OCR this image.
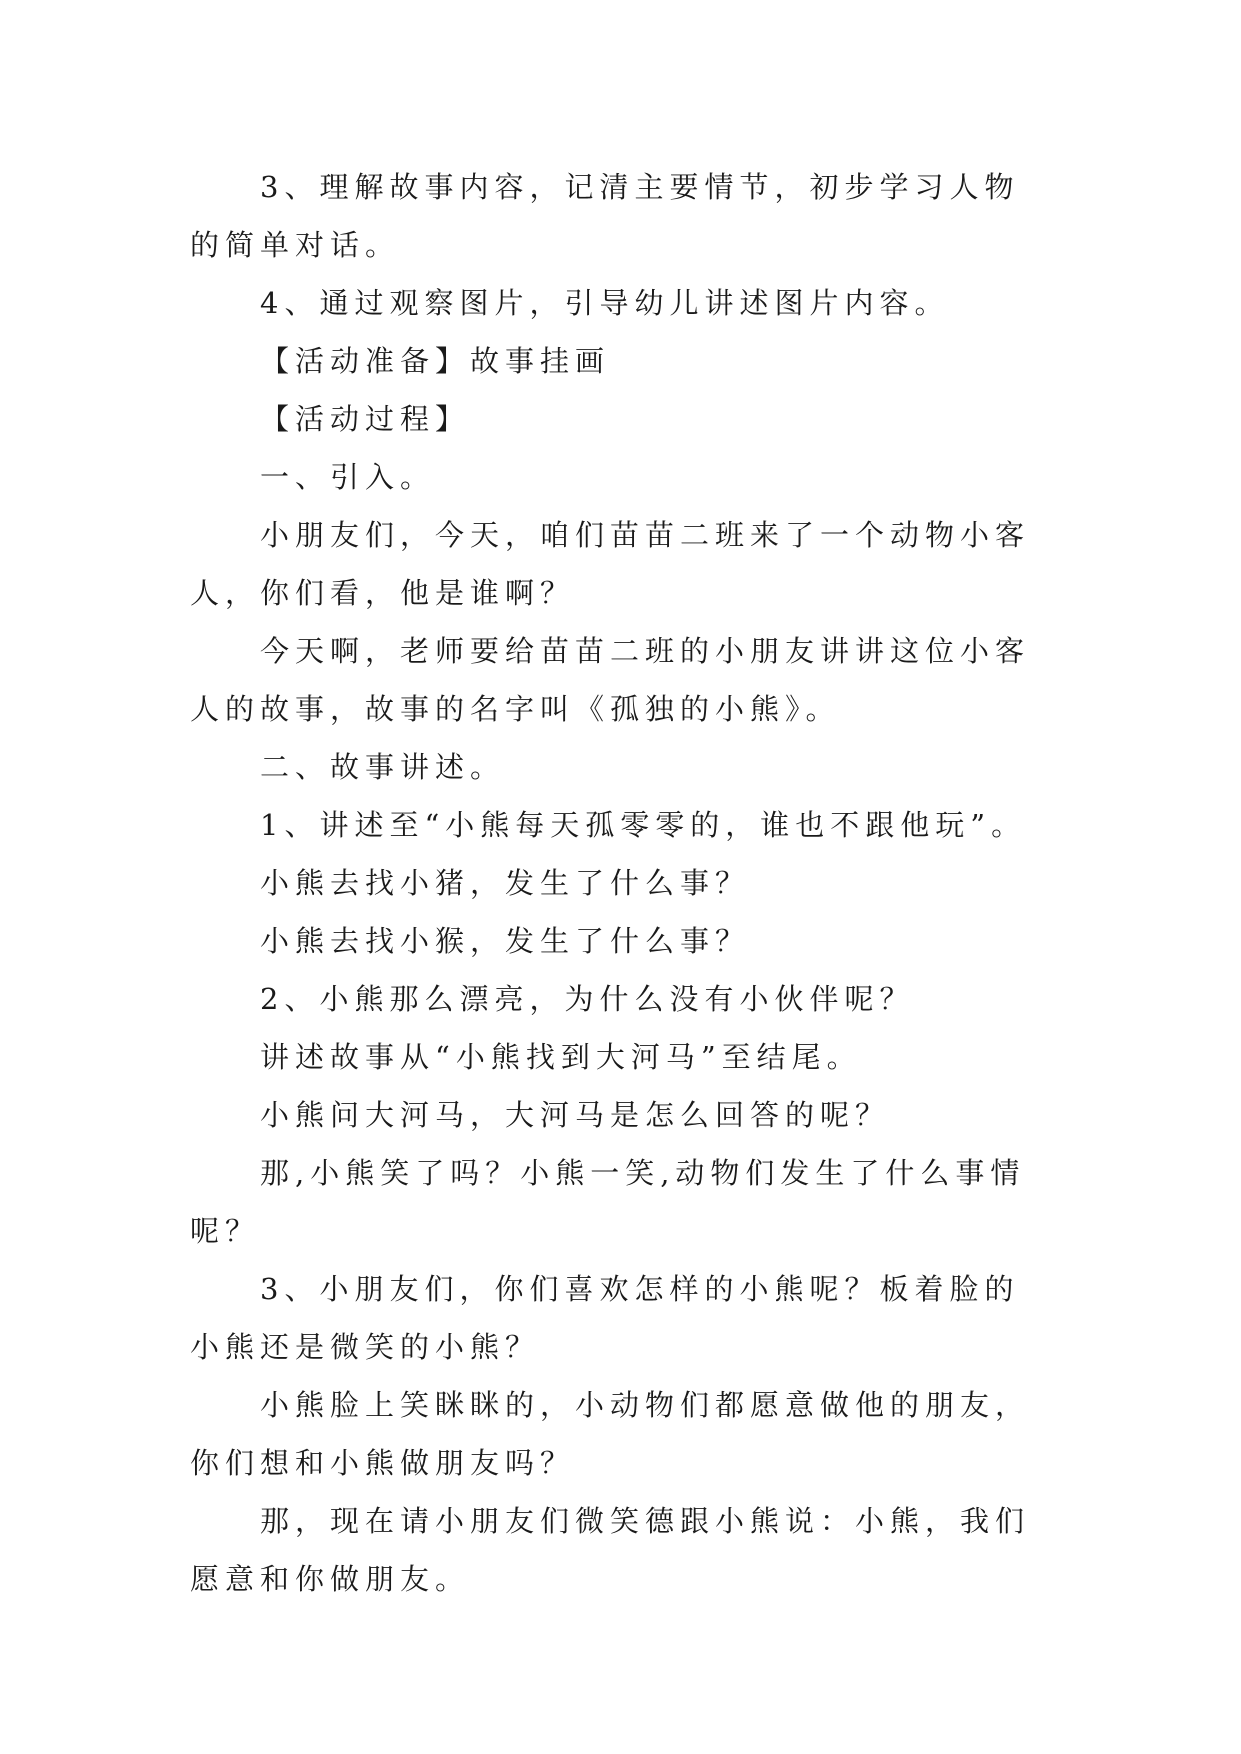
3、理解故事内容，记清主要情节，初步学习人物的简单对话。

4、通过观察图片，引导幼儿讲述图片内容。

【活动准备】故事挂画

【活动过程】

一、引入。

小朋友们，今天，咱们苗苗二班来了一个动物小客人，你们看，他是谁啊？

今天啊，老师要给苗苗二班的小朋友讲讲这位小客人的故事，故事的名字叫《孤独的小熊》。

二、故事讲述。

1、讲述至“小熊每天孤零零的，谁也不跟他玩”。

小熊去找小猪，发生了什么事？

小熊去找小猴，发生了什么事？

2、小熊那么漂亮，为什么没有小伙伴呢？

讲述故事从“小熊找到大河马”至结尾。

小熊问大河马，大河马是怎么回答的呢？

那,小熊笑了吗？小熊一笑,动物们发生了什么事情呢？

3、小朋友们，你们喜欢怎样的小熊呢？板着脸的小熊还是微笑的小熊？

小熊脸上笑眯眯的，小动物们都愿意做他的朋友，你们想和小熊做朋友吗？

那，现在请小朋友们微笑德跟小熊说：小熊，我们愿意和你做朋友。
